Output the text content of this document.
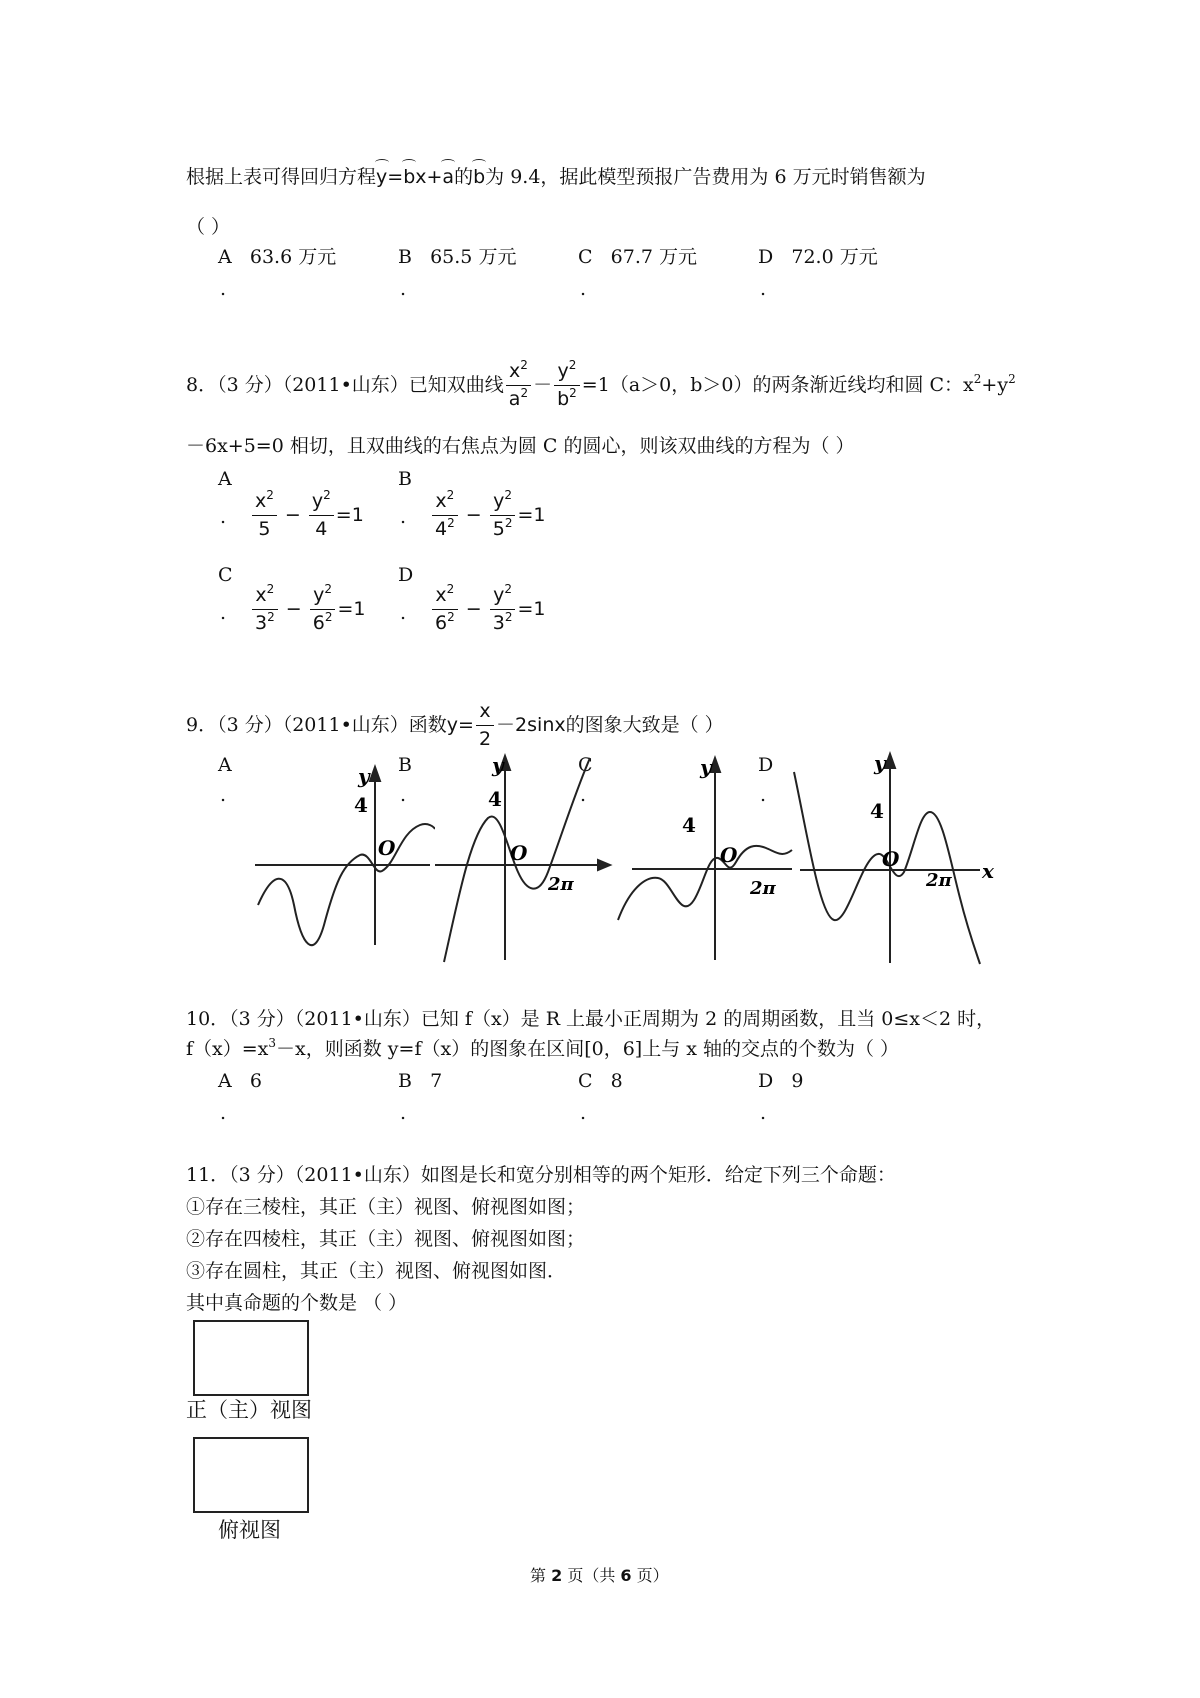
根据上表可得回归方程y=bx+a的b为 9.4，据此模型预报广告费用为 6 万元时销售额为
（ ）
A 63.6 万元
.
B 65.5 万元
.
C 67.7 万元
.
D 72.0 万元
.
8．（3 分）（2011•山东）已知双曲线 $\frac{x^2}{a^2} - \frac{y^2}{b^2} =1(a>0$，b＞0）的两条渐近线均和圆 C：$x^2+y^2$
－6x+5=0 相切，且双曲线的右焦点为圆 C 的圆心，则该双曲线的方程为（ ）
A
. $\frac{x^2}{5} - \frac{y^2}{4} =1$
B
. $\frac{x^2}{4^2} - \frac{y^2}{5^2} =1$
C
. $\frac{x^2}{3^2} - \frac{y^2}{6^2} =1$
D
. $\frac{x^2}{6^2} - \frac{y^2}{3^2} =1$
9．（3 分）（2011•山东）函数$y= \frac{x}{2} -2\sin x$的图象大致是（ ）
A
.
B
.
C
.
D
.
y
4
O
y
4
O
2π
y
4
O
2π
y
4
O
2π x
10．（3 分）（2011•山东）已知 f（x）是 R 上最小正周期为 2 的周期函数，且当 0≤x＜2 时，
$f(x)=x^3-x$，则函数 y=f（x）的图象在区间[0，6]上与 x 轴的交点的个数为（ ）
A 6
.
B 7
.
C 8
.
D 9
.
11．（3 分）（2011•山东）如图是长和宽分别相等的两个矩形．给定下列三个命题：
①存在三棱柱，其正（主）视图、俯视图如图；
②存在四棱柱，其正（主）视图、俯视图如图；
③存在圆柱，其正（主）视图、俯视图如图．
其中真命题的个数是 （ ）
正（主）视图
俯视图
第 2 页（共 6 页）
